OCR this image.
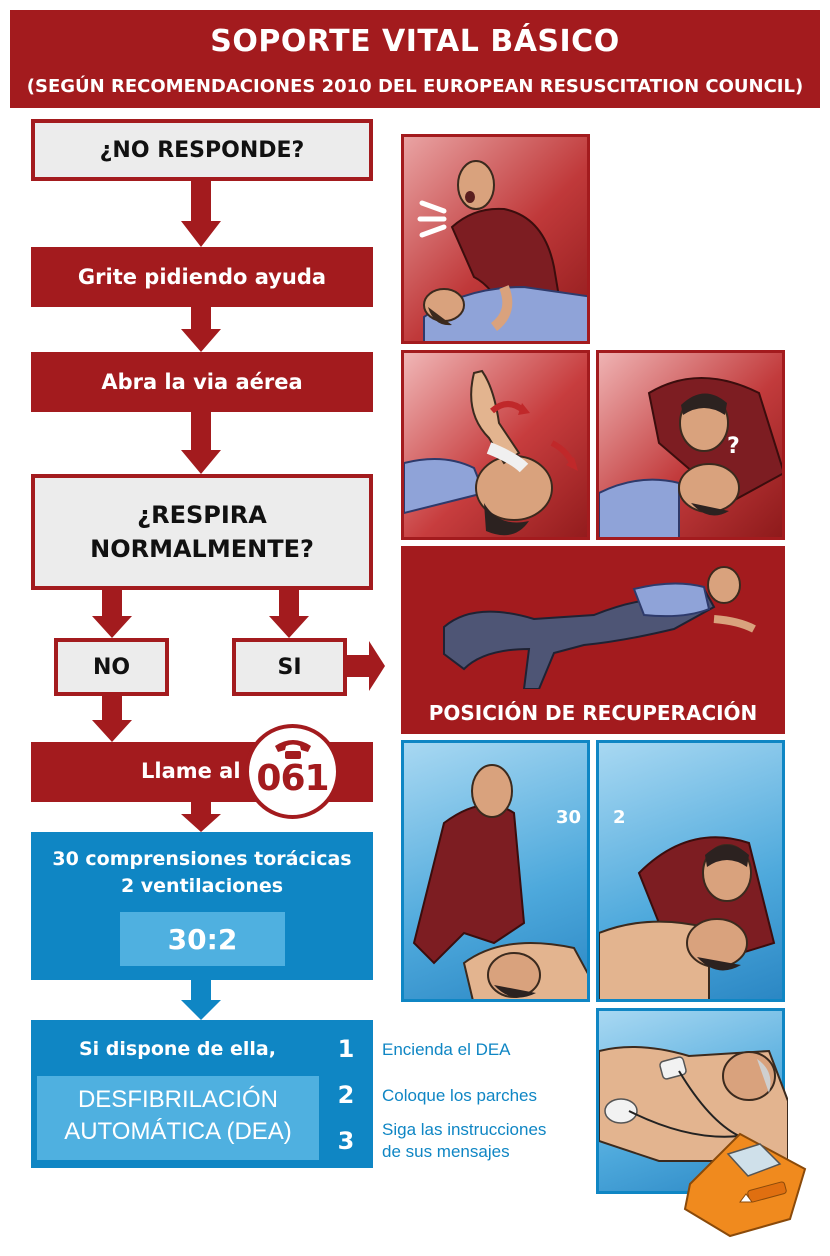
SOPORTE VITAL BÁSICO
(SEGÚN RECOMENDACIONES 2010 DEL EUROPEAN RESUSCITATION COUNCIL)
¿NO RESPONDE?
Grite pidiendo ayuda
Abra la via aérea
¿RESPIRA
NORMALMENTE?
NO	SI
Llame al 061
30 comprensiones torácicas
2 ventilaciones
30:2
Si dispone de ella,
DESFIBRILACIÓN
AUTOMÁTICA (DEA)
1
2
3
Encienda el DEA
Coloque los parches
Siga las instrucciones
de sus mensajes
?
POSICIÓN DE RECUPERACIÓN
30 2
